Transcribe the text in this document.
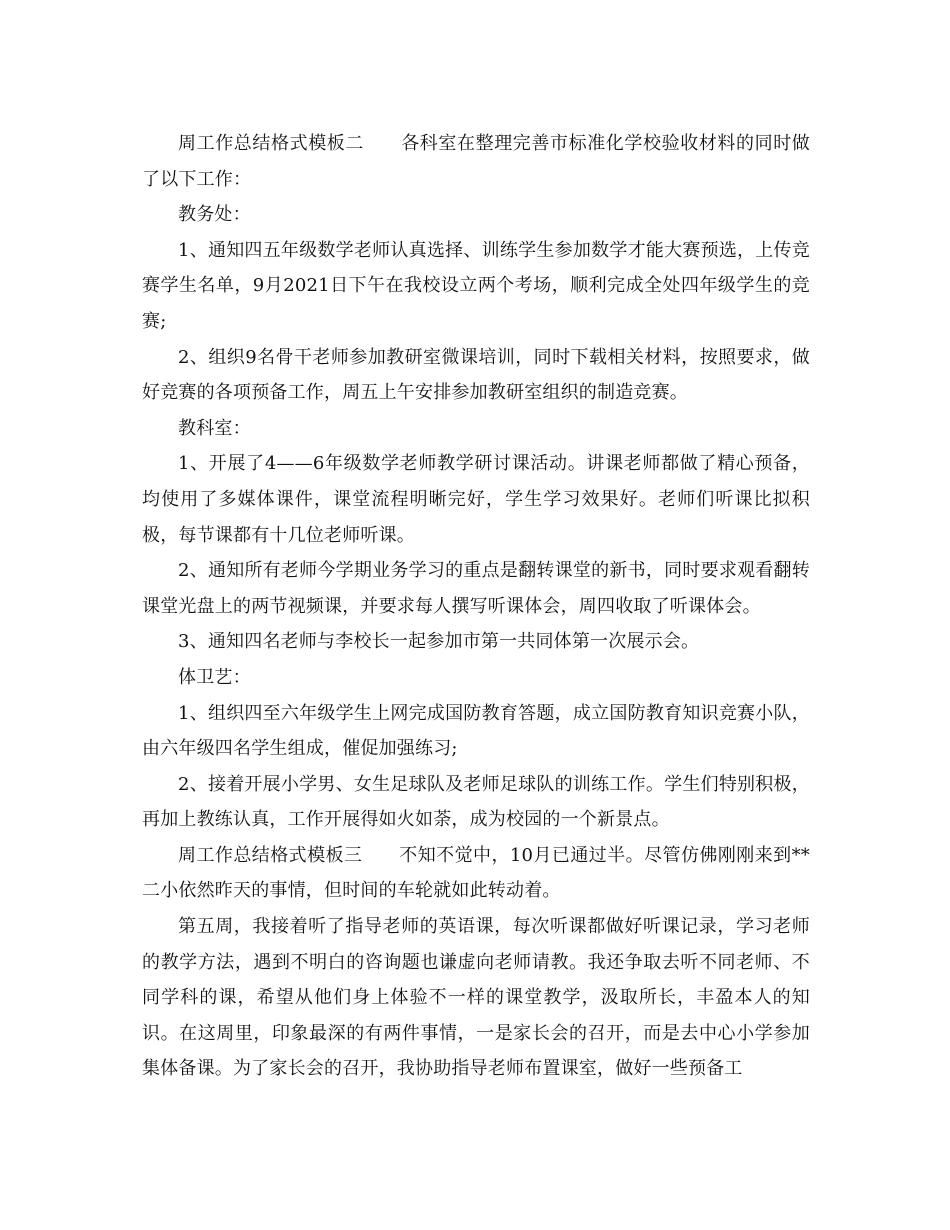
周工作总结格式模板二　　各科室在整理完善市标准化学校验收材料的同时做了以下工作：

教务处：

1、通知四五年级数学老师认真选择、训练学生参加数学才能大赛预选，上传竞赛学生名单，9月2021日下午在我校设立两个考场，顺利完成全处四年级学生的竞赛;

2、组织9名骨干老师参加教研室微课培训，同时下载相关材料，按照要求，做好竞赛的各项预备工作，周五上午安排参加教研室组织的制造竞赛。

教科室：

1、开展了4——6年级数学老师教学研讨课活动。讲课老师都做了精心预备，均使用了多媒体课件，课堂流程明晰完好，学生学习效果好。老师们听课比拟积极，每节课都有十几位老师听课。

2、通知所有老师今学期业务学习的重点是翻转课堂的新书，同时要求观看翻转课堂光盘上的两节视频课，并要求每人撰写听课体会，周四收取了听课体会。

3、通知四名老师与李校长一起参加市第一共同体第一次展示会。

体卫艺：

1、组织四至六年级学生上网完成国防教育答题，成立国防教育知识竞赛小队，由六年级四名学生组成，催促加强练习;

2、接着开展小学男、女生足球队及老师足球队的训练工作。学生们特别积极，再加上教练认真，工作开展得如火如荼，成为校园的一个新景点。

周工作总结格式模板三　　不知不觉中，10月已通过半。尽管仿佛刚刚来到**二小依然昨天的事情，但时间的车轮就如此转动着。

第五周，我接着听了指导老师的英语课，每次听课都做好听课记录，学习老师的教学方法，遇到不明白的咨询题也谦虚向老师请教。我还争取去听不同老师、不同学科的课，希望从他们身上体验不一样的课堂教学，汲取所长，丰盈本人的知识。在这周里，印象最深的有两件事情，一是家长会的召开，而是去中心小学参加集体备课。为了家长会的召开，我协助指导老师布置课室，做好一些预备工
